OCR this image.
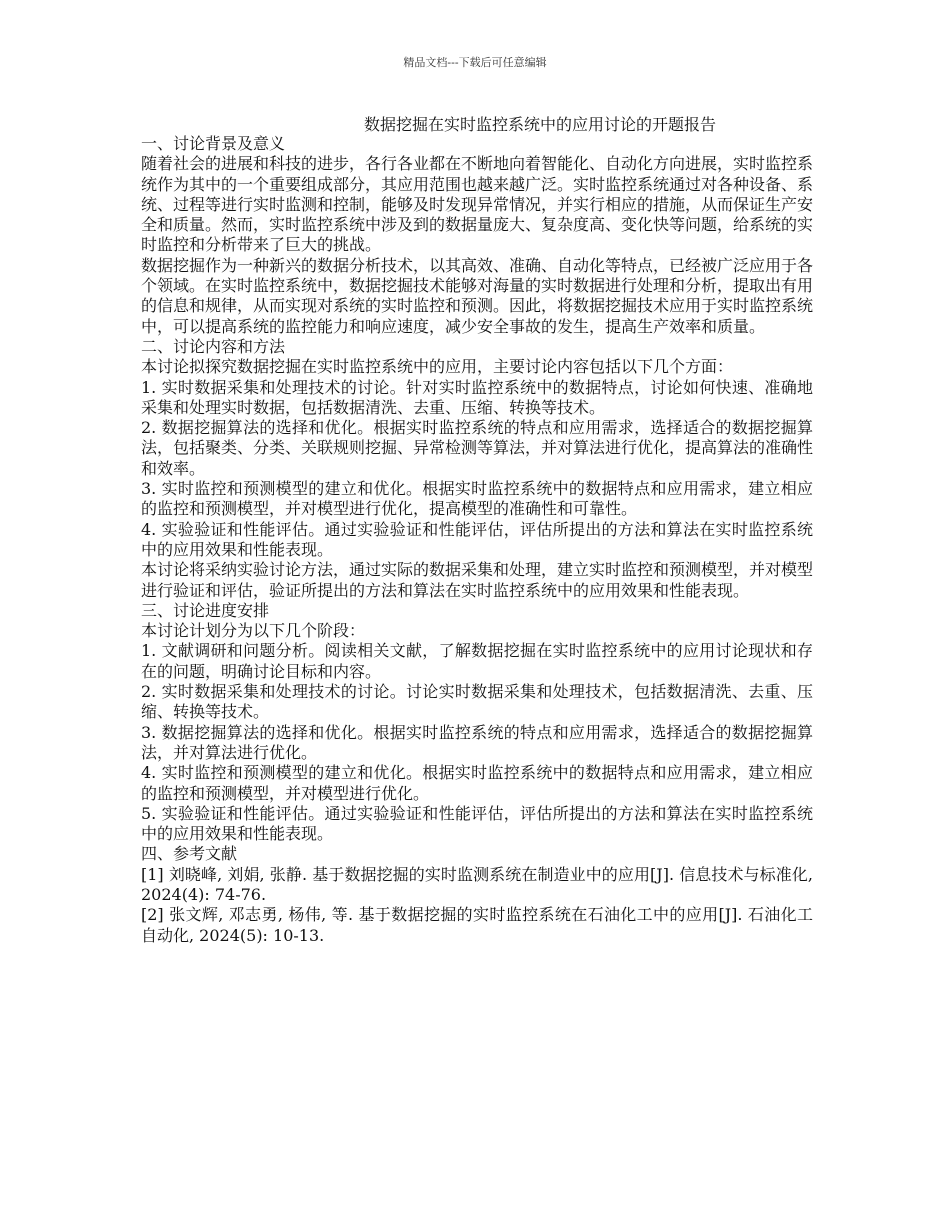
精品文档---下载后可任意编辑
数据挖掘在实时监控系统中的应用讨论的开题报告
一、讨论背景及意义

随着社会的进展和科技的进步，各行各业都在不断地向着智能化、自动化方向进展，实时监控系统作为其中的一个重要组成部分，其应用范围也越来越广泛。实时监控系统通过对各种设备、系统、过程等进行实时监测和控制，能够及时发现异常情况，并实行相应的措施，从而保证生产安全和质量。然而，实时监控系统中涉及到的数据量庞大、复杂度高、变化快等问题，给系统的实时监控和分析带来了巨大的挑战。

数据挖掘作为一种新兴的数据分析技术，以其高效、准确、自动化等特点，已经被广泛应用于各个领域。在实时监控系统中，数据挖掘技术能够对海量的实时数据进行处理和分析，提取出有用的信息和规律，从而实现对系统的实时监控和预测。因此，将数据挖掘技术应用于实时监控系统中，可以提高系统的监控能力和响应速度，减少安全事故的发生，提高生产效率和质量。

二、讨论内容和方法

本讨论拟探究数据挖掘在实时监控系统中的应用，主要讨论内容包括以下几个方面：

1. 实时数据采集和处理技术的讨论。针对实时监控系统中的数据特点，讨论如何快速、准确地采集和处理实时数据，包括数据清洗、去重、压缩、转换等技术。

2. 数据挖掘算法的选择和优化。根据实时监控系统的特点和应用需求，选择适合的数据挖掘算法，包括聚类、分类、关联规则挖掘、异常检测等算法，并对算法进行优化，提高算法的准确性和效率。

3. 实时监控和预测模型的建立和优化。根据实时监控系统中的数据特点和应用需求，建立相应的监控和预测模型，并对模型进行优化，提高模型的准确性和可靠性。

4. 实验验证和性能评估。通过实验验证和性能评估，评估所提出的方法和算法在实时监控系统中的应用效果和性能表现。

本讨论将采纳实验讨论方法，通过实际的数据采集和处理，建立实时监控和预测模型，并对模型进行验证和评估，验证所提出的方法和算法在实时监控系统中的应用效果和性能表现。

三、讨论进度安排

本讨论计划分为以下几个阶段：

1. 文献调研和问题分析。阅读相关文献，了解数据挖掘在实时监控系统中的应用讨论现状和存在的问题，明确讨论目标和内容。

2. 实时数据采集和处理技术的讨论。讨论实时数据采集和处理技术，包括数据清洗、去重、压缩、转换等技术。

3. 数据挖掘算法的选择和优化。根据实时监控系统的特点和应用需求，选择适合的数据挖掘算法，并对算法进行优化。

4. 实时监控和预测模型的建立和优化。根据实时监控系统中的数据特点和应用需求，建立相应的监控和预测模型，并对模型进行优化。

5. 实验验证和性能评估。通过实验验证和性能评估，评估所提出的方法和算法在实时监控系统中的应用效果和性能表现。

四、参考文献

[1] 刘晓峰, 刘娟, 张静. 基于数据挖掘的实时监测系统在制造业中的应用[J]. 信息技术与标准化, 2024(4): 74-76.

[2] 张文辉, 邓志勇, 杨伟, 等. 基于数据挖掘的实时监控系统在石油化工中的应用[J]. 石油化工自动化, 2024(5): 10-13.
